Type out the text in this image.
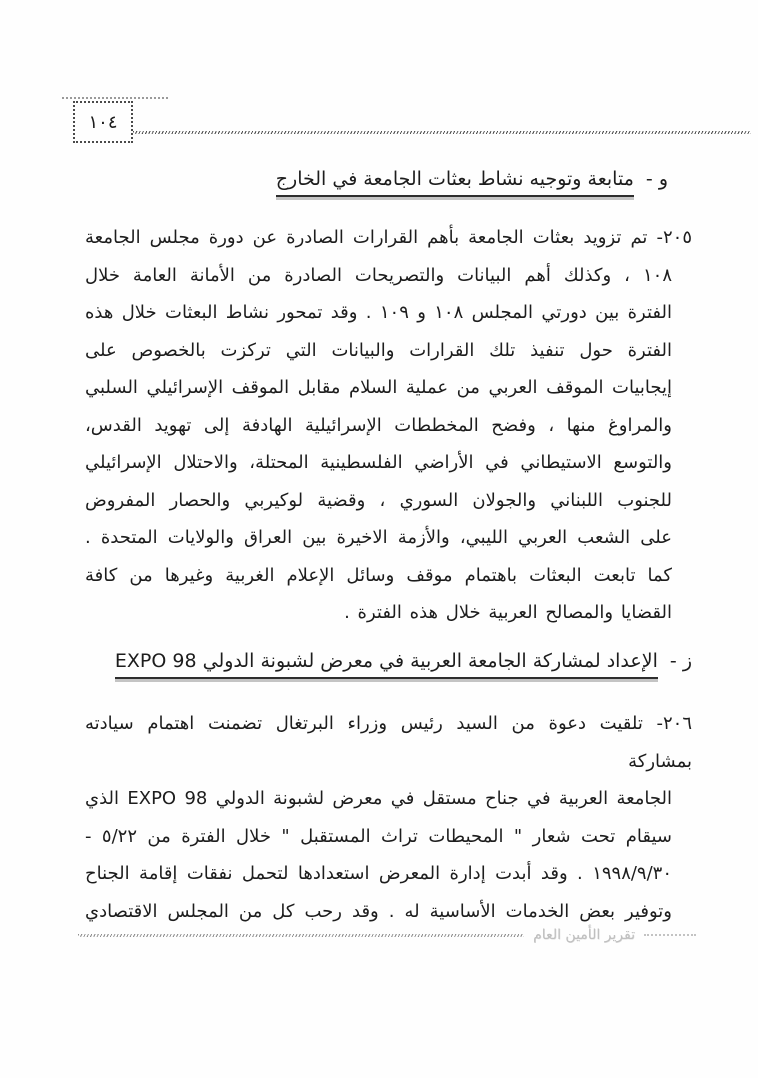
١٠٤
و - متابعة وتوجيه نشاط بعثات الجامعة في الخارج
٢٠٥- تم تزويد بعثات الجامعة بأهم القرارات الصادرة عن دورة مجلس الجامعة
١٠٨ ، وكذلك أهم البيانات والتصريحات الصادرة من الأمانة العامة خلال
الفترة بين دورتي المجلس ١٠٨ و ١٠٩ . وقد تمحور نشاط البعثات خلال هذه
الفترة حول تنفيذ تلك القرارات والبيانات التي تركزت بالخصوص على
إيجابيات الموقف العربي من عملية السلام مقابل الموقف الإسرائيلي السلبي
والمراوغ منها ، وفضح المخططات الإسرائيلية الهادفة إلى تهويد القدس،
والتوسع الاستيطاني في الأراضي الفلسطينية المحتلة، والاحتلال الإسرائيلي
للجنوب اللبناني والجولان السوري ، وقضية لوكيربي والحصار المفروض
على الشعب العربي الليبي، والأزمة الاخيرة بين العراق والولايات المتحدة .
كما تابعت البعثات باهتمام موقف وسائل الإعلام الغربية وغيرها من كافة
القضايا والمصالح العربية خلال هذه الفترة .
ز - الإعداد لمشاركة الجامعة العربية في معرض لشبونة الدولي EXPO 98
٢٠٦- تلقيت دعوة من السيد رئيس وزراء البرتغال تضمنت اهتمام سيادته بمشاركة
الجامعة العربية في جناح مستقل في معرض لشبونة الدولي EXPO 98 الذي
سيقام تحت شعار " المحيطات تراث المستقبل " خلال الفترة من ٥/٢٢ -
١٩٩٨/٩/٣٠ . وقد أبدت إدارة المعرض استعدادها لتحمل نفقات إقامة الجناح
وتوفير بعض الخدمات الأساسية له . وقد رحب كل من المجلس الاقتصادي
تقرير الأمين العام
